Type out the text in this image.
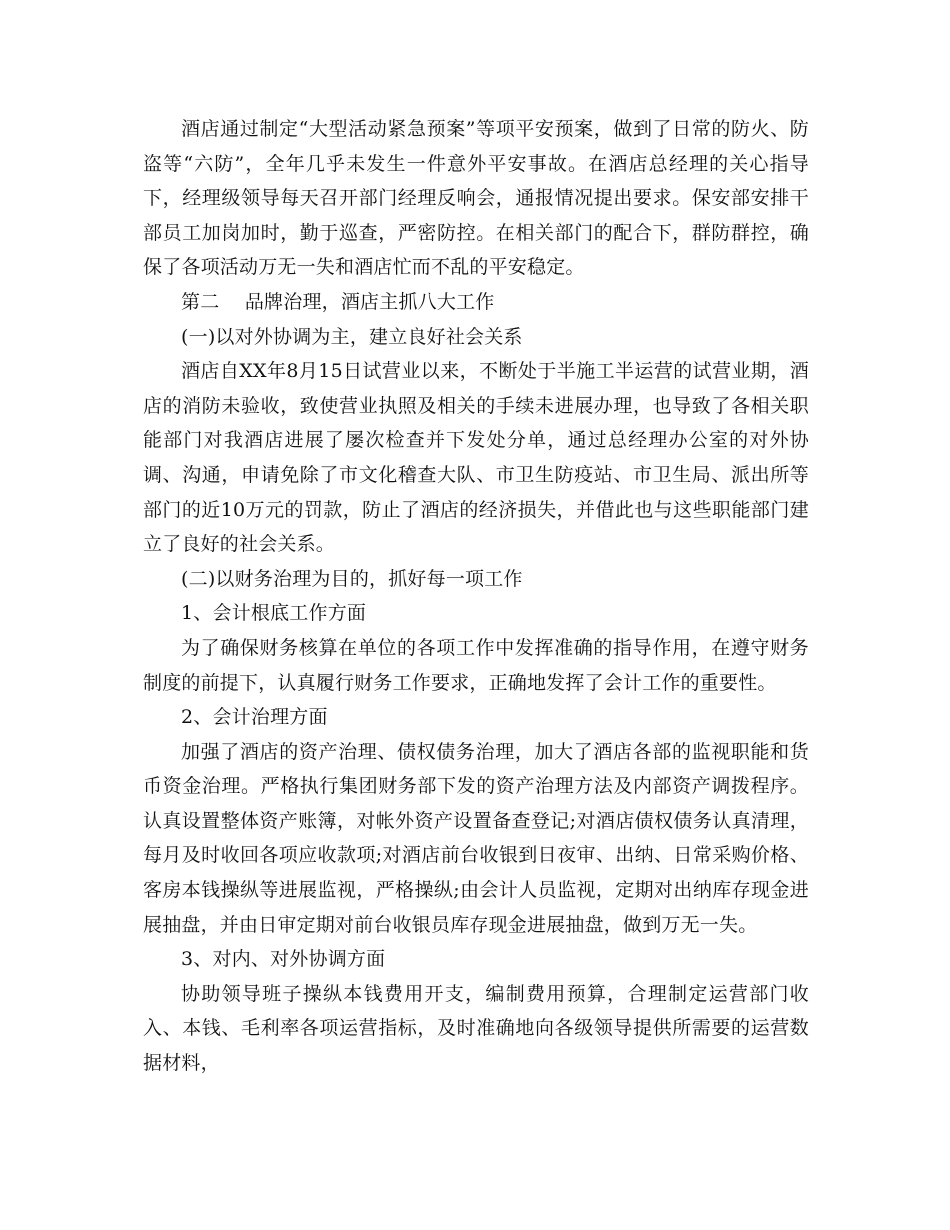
酒店通过制定“大型活动紧急预案”等项平安预案，做到了日常的防火、防盗等“六防”，全年几乎未发生一件意外平安事故。在酒店总经理的关心指导下，经理级领导每天召开部门经理反响会，通报情况提出要求。保安部安排干部员工加岗加时，勤于巡查，严密防控。在相关部门的配合下，群防群控，确保了各项活动万无一失和酒店忙而不乱的平安稳定。

第二　 品牌治理，酒店主抓八大工作

(一)以对外协调为主，建立良好社会关系

酒店自XX年8月15日试营业以来，不断处于半施工半运营的试营业期，酒店的消防未验收，致使营业执照及相关的手续未进展办理，也导致了各相关职能部门对我酒店进展了屡次检查并下发处分单，通过总经理办公室的对外协调、沟通，申请免除了市文化稽查大队、市卫生防疫站、市卫生局、派出所等部门的近10万元的罚款，防止了酒店的经济损失，并借此也与这些职能部门建立了良好的社会关系。

(二)以财务治理为目的，抓好每一项工作

1、会计根底工作方面

为了确保财务核算在单位的各项工作中发挥准确的指导作用，在遵守财务制度的前提下，认真履行财务工作要求，正确地发挥了会计工作的重要性。

2、会计治理方面

加强了酒店的资产治理、债权债务治理，加大了酒店各部的监视职能和货币资金治理。严格执行集团财务部下发的资产治理方法及内部资产调拨程序。认真设置整体资产账簿，对帐外资产设置备查登记;对酒店债权债务认真清理，每月及时收回各项应收款项;对酒店前台收银到日夜审、出纳、日常采购价格、客房本钱操纵等进展监视，严格操纵;由会计人员监视，定期对出纳库存现金进展抽盘，并由日审定期对前台收银员库存现金进展抽盘，做到万无一失。

3、对内、对外协调方面

协助领导班子操纵本钱费用开支，编制费用预算，合理制定运营部门收入、本钱、毛利率各项运营指标，及时准确地向各级领导提供所需要的运营数据材料，
